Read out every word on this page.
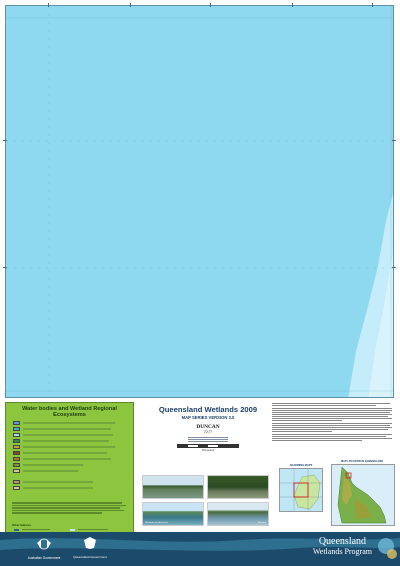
Water bodies and Wetland Regional Ecosystems
Other features
Queensland Wetlands 2009
MAP SERIES VERSION 3.0
DUNCAN
7277
Kilometres
Wetlands and Estuaries	Riverine
ADJOINING MAPS
MAP LOCATION IN QUEENSLAND
Australian Government	Queensland Government
Queensland
Wetlands Program
